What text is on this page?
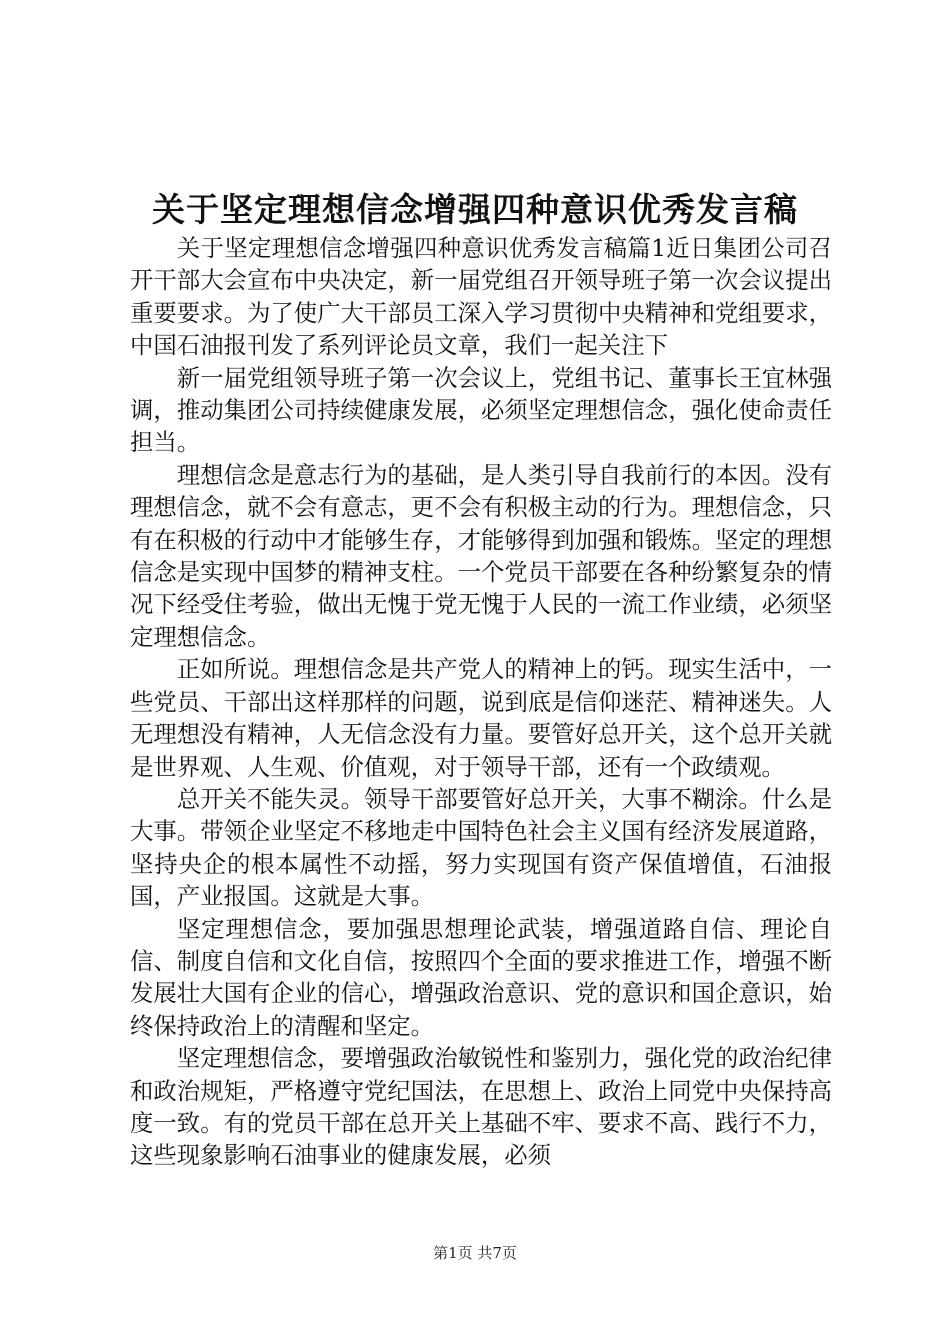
关于坚定理想信念增强四种意识优秀发言稿

关于坚定理想信念增强四种意识优秀发言稿篇1近日集团公司召开干部大会宣布中央决定，新一届党组召开领导班子第一次会议提出重要要求。为了使广大干部员工深入学习贯彻中央精神和党组要求，中国石油报刊发了系列评论员文章，我们一起关注下

新一届党组领导班子第一次会议上，党组书记、董事长王宜林强调，推动集团公司持续健康发展，必须坚定理想信念，强化使命责任担当。

理想信念是意志行为的基础，是人类引导自我前行的本因。没有理想信念，就不会有意志，更不会有积极主动的行为。理想信念，只有在积极的行动中才能够生存，才能够得到加强和锻炼。坚定的理想信念是实现中国梦的精神支柱。一个党员干部要在各种纷繁复杂的情况下经受住考验，做出无愧于党无愧于人民的一流工作业绩，必须坚定理想信念。

正如所说。理想信念是共产党人的精神上的钙。现实生活中，一些党员、干部出这样那样的问题，说到底是信仰迷茫、精神迷失。人无理想没有精神，人无信念没有力量。要管好总开关，这个总开关就是世界观、人生观、价值观，对于领导干部，还有一个政绩观。

总开关不能失灵。领导干部要管好总开关，大事不糊涂。什么是大事。带领企业坚定不移地走中国特色社会主义国有经济发展道路，坚持央企的根本属性不动摇，努力实现国有资产保值增值，石油报国，产业报国。这就是大事。

坚定理想信念，要加强思想理论武装，增强道路自信、理论自信、制度自信和文化自信，按照四个全面的要求推进工作，增强不断发展壮大国有企业的信心，增强政治意识、党的意识和国企意识，始终保持政治上的清醒和坚定。

坚定理想信念，要增强政治敏锐性和鉴别力，强化党的政治纪律和政治规矩，严格遵守党纪国法，在思想上、政治上同党中央保持高度一致。有的党员干部在总开关上基础不牢、要求不高、践行不力，这些现象影响石油事业的健康发展，必须

第1页 共7页
